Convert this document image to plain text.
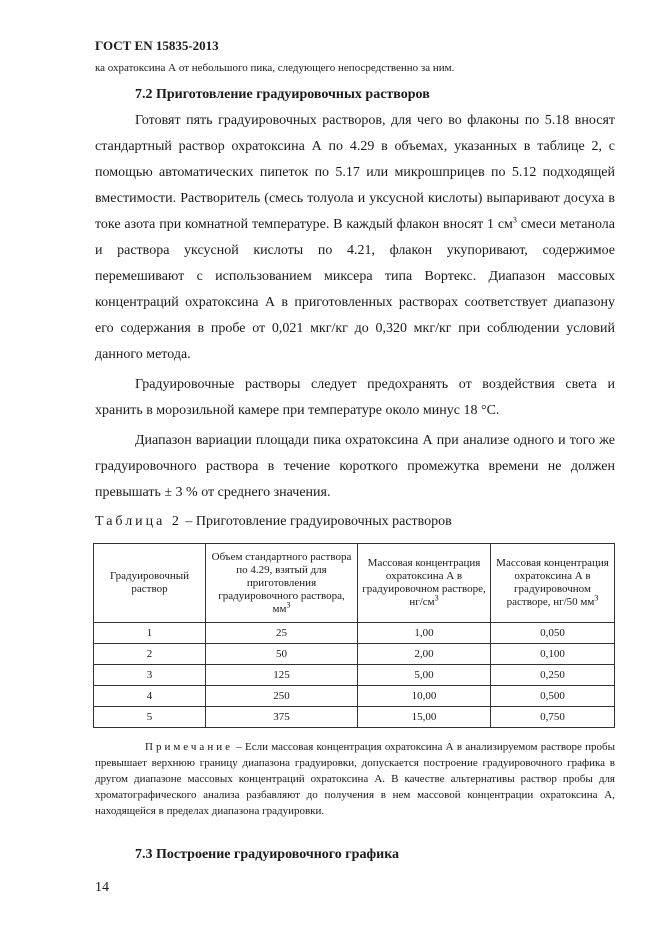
ГОСТ EN 15835-2013
ка охратоксина А от небольшого пика, следующего непосредственно за ним.
7.2 Приготовление градуировочных растворов

Готовят пять градуировочных растворов, для чего во флаконы по 5.18 вносят стандартный раствор охратоксина А по 4.29 в объемах, указанных в таблице 2, с помощью автоматических пипеток по 5.17 или микрошприцев по 5.12 подходящей вместимости. Растворитель (смесь толуола и уксусной кислоты) выпаривают досуха в токе азота при комнатной температуре. В каждый флакон вносят 1 $см^3$ смеси метанола и раствора уксусной кислоты по 4.21, флакон укупоривают, содержимое перемешивают с использованием миксера типа Вортекс. Диапазон массовых концентраций охратоксина А в приготовленных растворах соответствует диапазону его содержания в пробе от 0,021 мкг/кг до 0,320 мкг/кг при соблюдении условий данного метода.

Градуировочные растворы следует предохранять от воздействия света и хранить в морозильной камере при температуре около минус 18 °С.

Диапазон вариации площади пика охратоксина А при анализе одного и того же градуировочного раствора в течение короткого промежутка времени не должен превышать ± 3 % от среднего значения.

Таблица 2 – Приготовление градуировочных растворов
Градуировочный раствор	Объем стандартного раствора по 4.29, взятый для приготовления градуировочного раствора, $мм^3$	Массовая концентрация охратоксина А в градуировочном растворе, $нг/см^3$	Массовая концентрация охратоксина А в градуировочном растворе, нг/50 $мм^3$
1	25	1,00	0,050
2	50	2,00	0,100
3	125	5,00	0,250
4	250	10,00	0,500
5	375	15,00	0,750

Примечание – Если массовая концентрация охратоксина А в анализируемом растворе пробы превышает верхнюю границу диапазона градуировки, допускается построение градуировочного графика в другом диапазоне массовых концентраций охратоксина А. В качестве альтернативы раствор пробы для хроматографического анализа разбавляют до получения в нем массовой концентрации охратоксина А, находящейся в пределах диапазона градуировки.

7.3 Построение градуировочного графика
14
